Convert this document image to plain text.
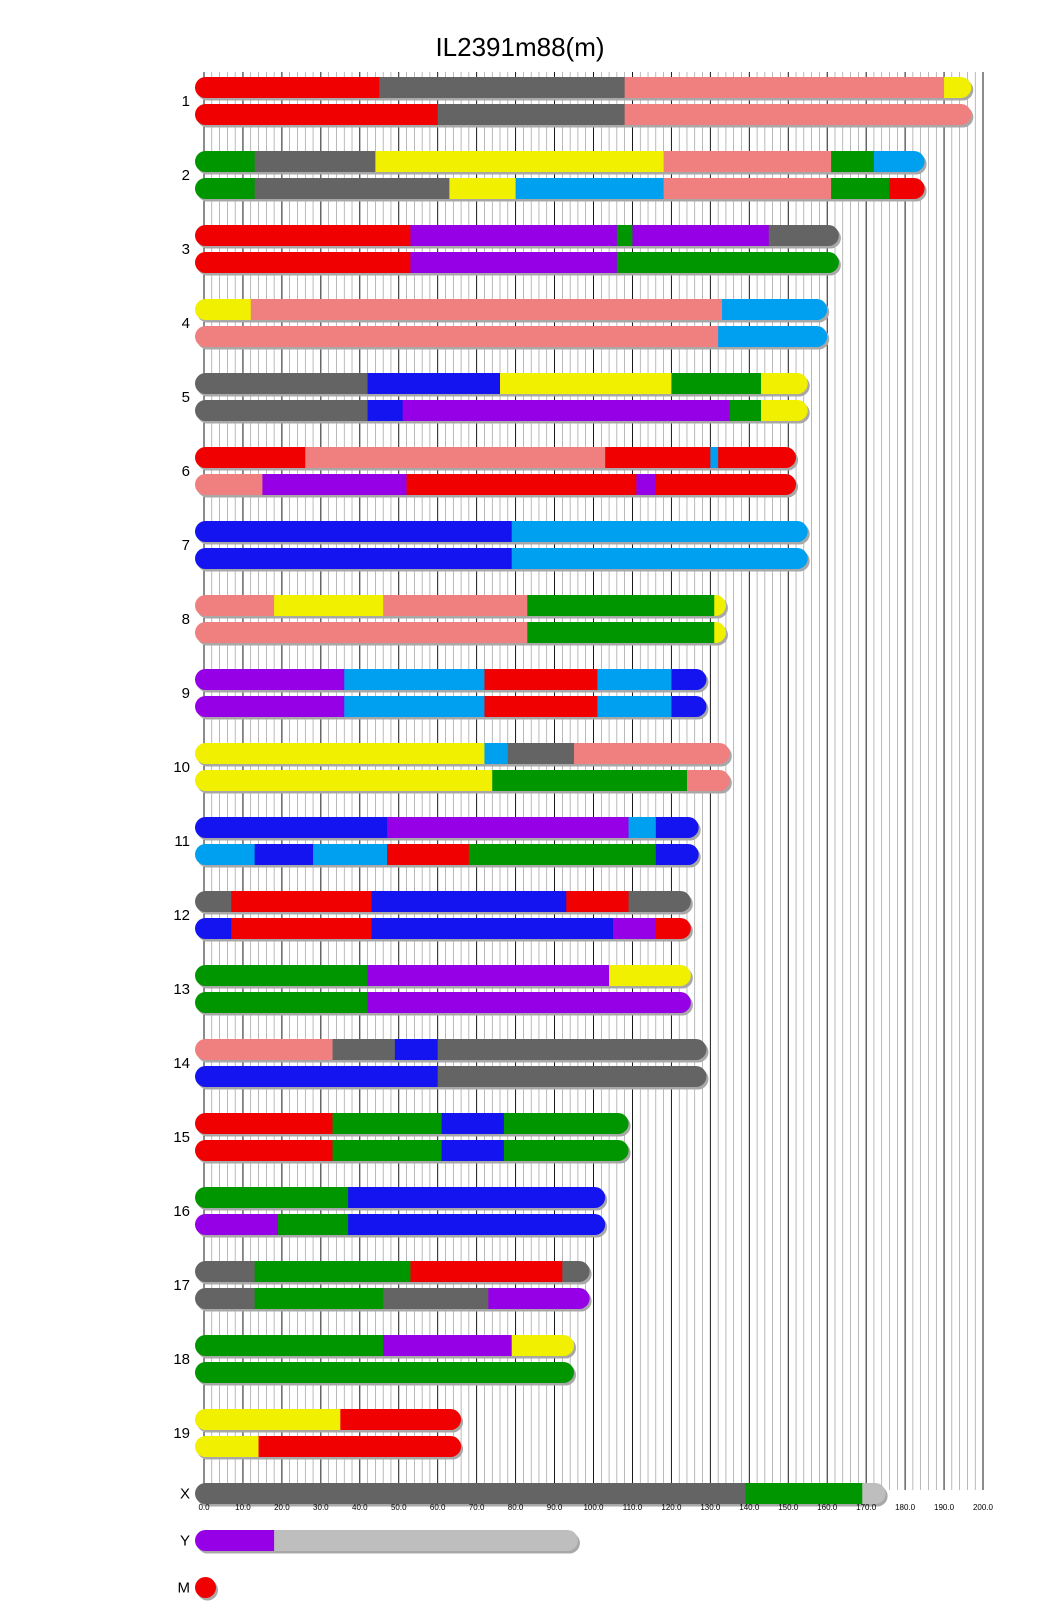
IL2391m88(m)
1
2
3
4
5
6
7
8
9
10
11
12
13
14
15
16
17
18
19
X
Y
M
0.0	10.0	20.0	30.0	40.0	50.0	60.0	70.0	80.0	90.0	100.0 110.0 120.0 130.0 140.0 150.0 160.0 170.0 180.0 190.0 200.0
